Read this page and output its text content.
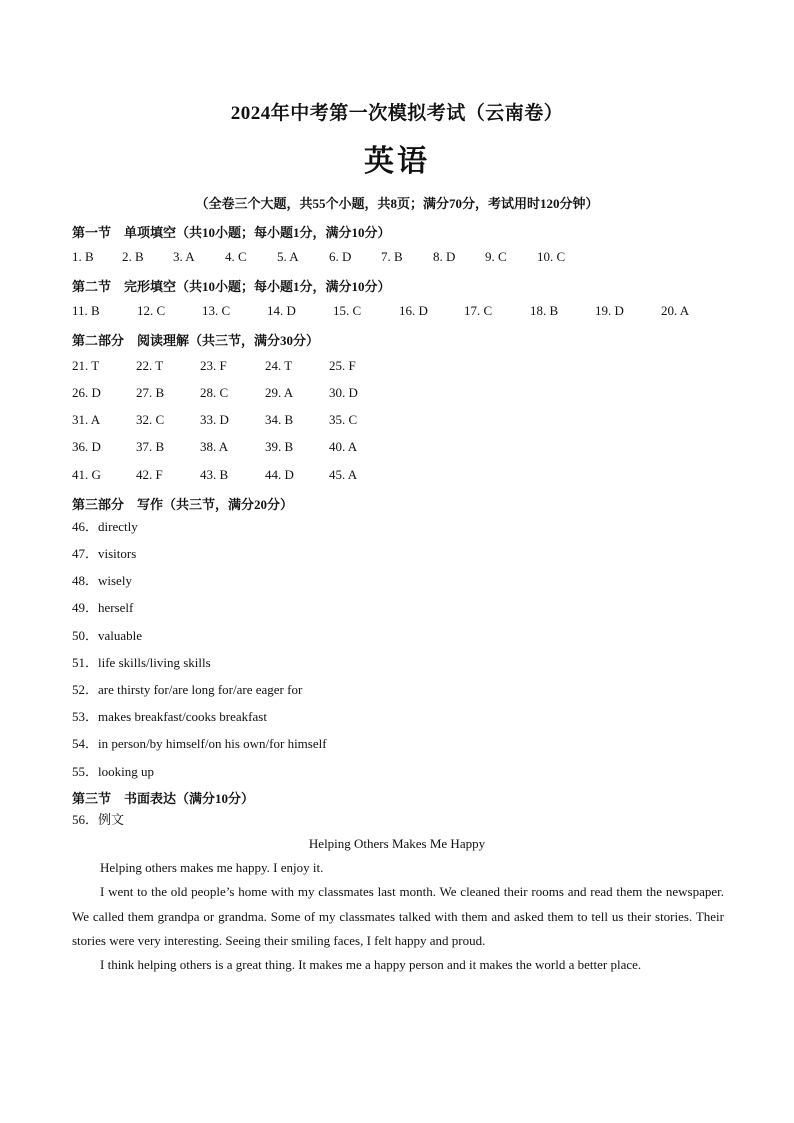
2024年中考第一次模拟考试（云南卷）
英语
（全卷三个大题，共55个小题，共8页；满分70分，考试用时120分钟）
第一节　单项填空（共10小题；每小题1分，满分10分）
1. B 2. B 3. A 4. C 5. A 6. D 7. B 8. D 9. C 10. C
第二节　完形填空（共10小题；每小题1分，满分10分）
11. B	12. C	13. C	14. D	15. C	16. D	17. C	18. B	19. D	20. A
第二部分　阅读理解（共三节，满分30分）
21. T	22. T	23. F	24. T	25. F
26. D	27. B	28. C	29. A	30. D
31. A	32. C	33. D	34. B	35. C
36. D	37. B	38. A	39. B	40. A
41. G	42. F	43. B	44. D	45. A
第三部分　写作（共三节，满分20分）
46．directly
47．visitors
48．wisely
49．herself
50．valuable
51．life skills/living skills
52．are thirsty for/are long for/are eager for
53．makes breakfast/cooks breakfast
54．in person/by himself/on his own/for himself
55．looking up
第三节　书面表达（满分10分）
56．例文
Helping Others Makes Me Happy
Helping others makes me happy. I enjoy it.
I went to the old people’s home with my classmates last month. We cleaned their rooms and read them the newspaper. We called them grandpa or grandma. Some of my classmates talked with them and asked them to tell us their stories. Their stories were very interesting. Seeing their smiling faces, I felt happy and proud.
I think helping others is a great thing. It makes me a happy person and it makes the world a better place.
